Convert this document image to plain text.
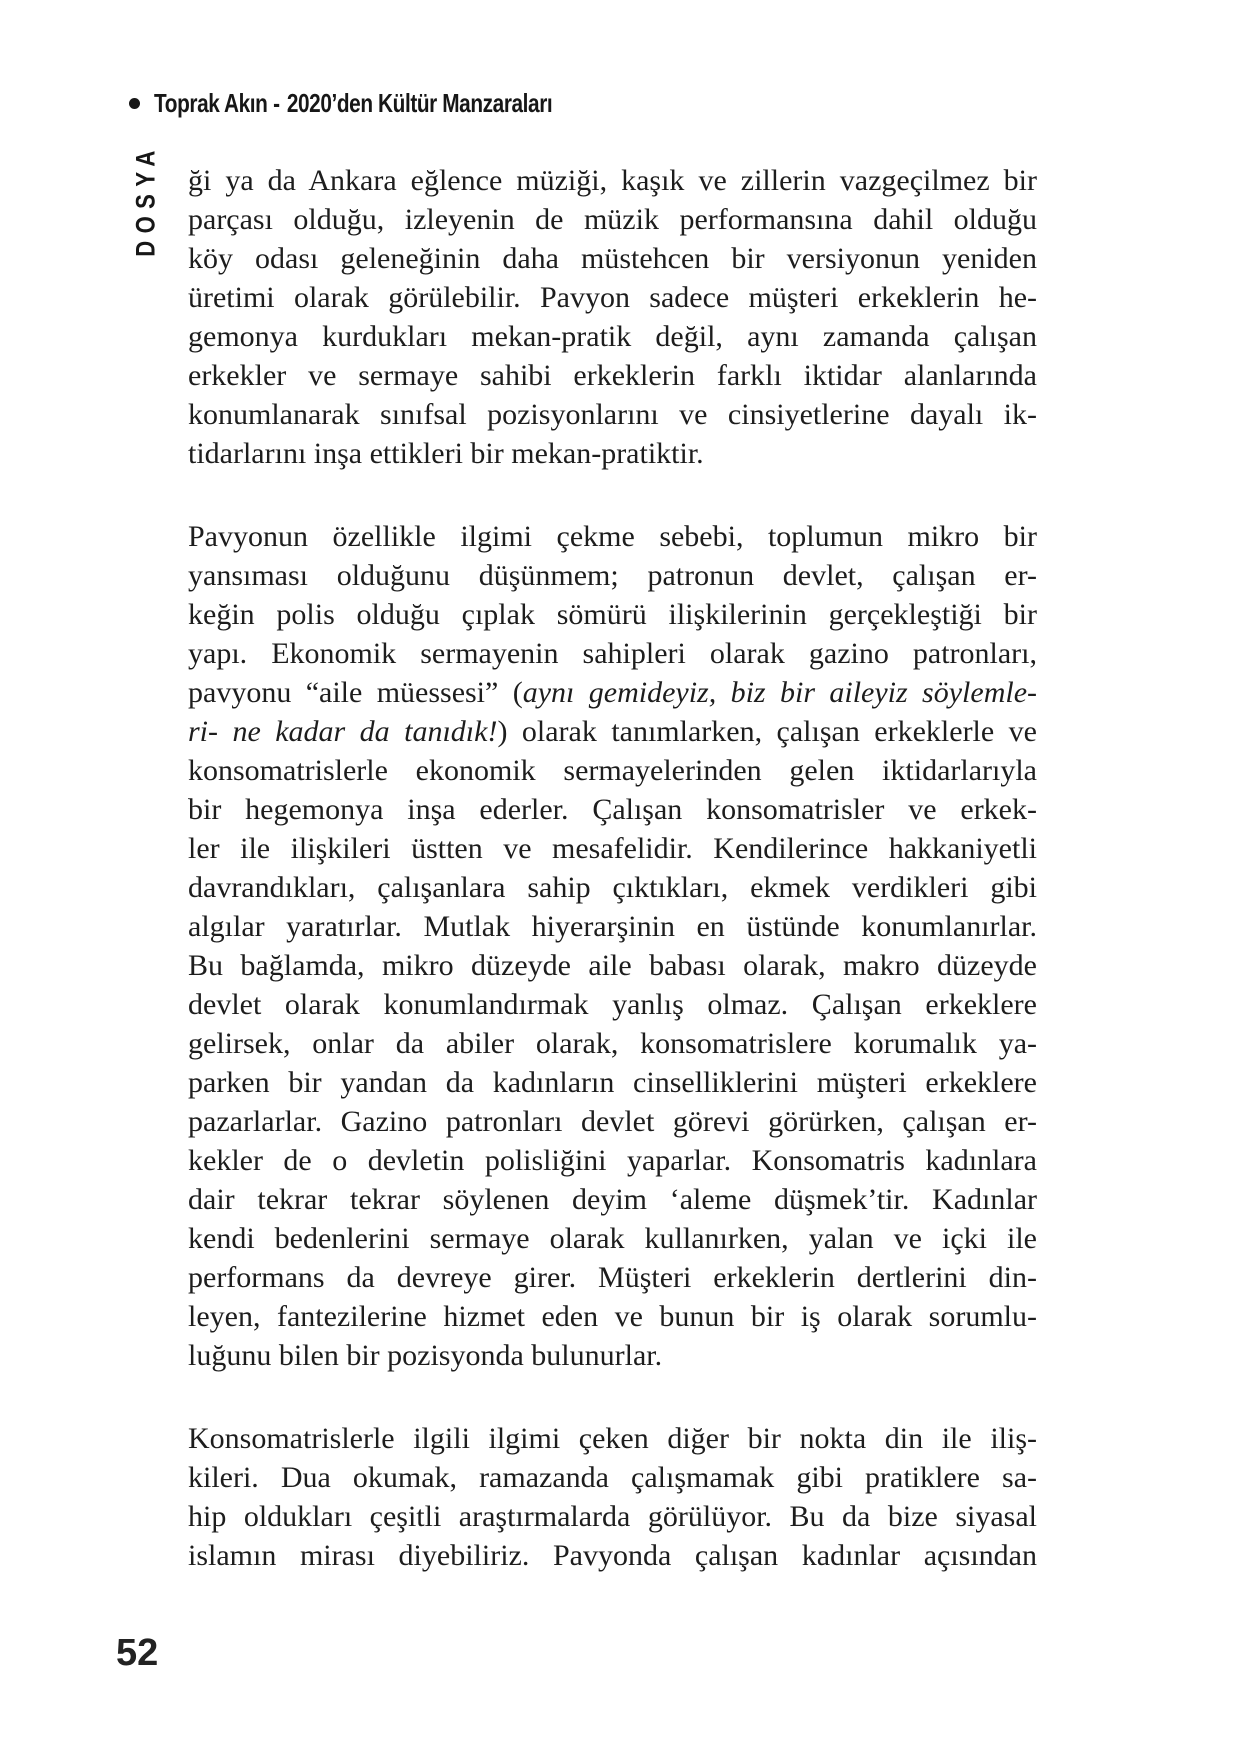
Toprak Akın - 2020’den Kültür Manzaraları
DOSYA ği ya da Ankara eğlence müziği, kaşık ve zillerin vazgeçilmez bir
parçası olduğu, izleyenin de müzik performansına dahil olduğu
köy odası geleneğinin daha müstehcen bir versiyonun yeniden
üretimi olarak görülebilir. Pavyon sadece müşteri erkeklerin he-
gemonya kurdukları mekan-pratik değil, aynı zamanda çalışan
erkekler ve sermaye sahibi erkeklerin farklı iktidar alanlarında
konumlanarak sınıfsal pozisyonlarını ve cinsiyetlerine dayalı ik-
tidarlarını inşa ettikleri bir mekan-pratiktir.
Pavyonun özellikle ilgimi çekme sebebi, toplumun mikro bir
yansıması olduğunu düşünmem; patronun devlet, çalışan er-
keğin polis olduğu çıplak sömürü ilişkilerinin gerçekleştiği bir
yapı. Ekonomik sermayenin sahipleri olarak gazino patronları,
pavyonu “aile müessesi” (aynı gemideyiz, biz bir aileyiz söylemle-
ri- ne kadar da tanıdık!) olarak tanımlarken, çalışan erkeklerle ve
konsomatrislerle ekonomik sermayelerinden gelen iktidarlarıyla
bir hegemonya inşa ederler. Çalışan konsomatrisler ve erkek-
ler ile ilişkileri üstten ve mesafelidir. Kendilerince hakkaniyetli
davrandıkları, çalışanlara sahip çıktıkları, ekmek verdikleri gibi
algılar yaratırlar. Mutlak hiyerarşinin en üstünde konumlanırlar.
Bu bağlamda, mikro düzeyde aile babası olarak, makro düzeyde
devlet olarak konumlandırmak yanlış olmaz. Çalışan erkeklere
gelirsek, onlar da abiler olarak, konsomatrislere korumalık ya-
parken bir yandan da kadınların cinselliklerini müşteri erkeklere
pazarlarlar. Gazino patronları devlet görevi görürken, çalışan er-
kekler de o devletin polisliğini yaparlar. Konsomatris kadınlara
dair tekrar tekrar söylenen deyim ‘aleme düşmek’tir. Kadınlar
kendi bedenlerini sermaye olarak kullanırken, yalan ve içki ile
performans da devreye girer. Müşteri erkeklerin dertlerini din-
leyen, fantezilerine hizmet eden ve bunun bir iş olarak sorumlu-
luğunu bilen bir pozisyonda bulunurlar.
Konsomatrislerle ilgili ilgimi çeken diğer bir nokta din ile iliş-
kileri. Dua okumak, ramazanda çalışmamak gibi pratiklere sa-
hip oldukları çeşitli araştırmalarda görülüyor. Bu da bize siyasal
islamın mirası diyebiliriz. Pavyonda çalışan kadınlar açısından
52
